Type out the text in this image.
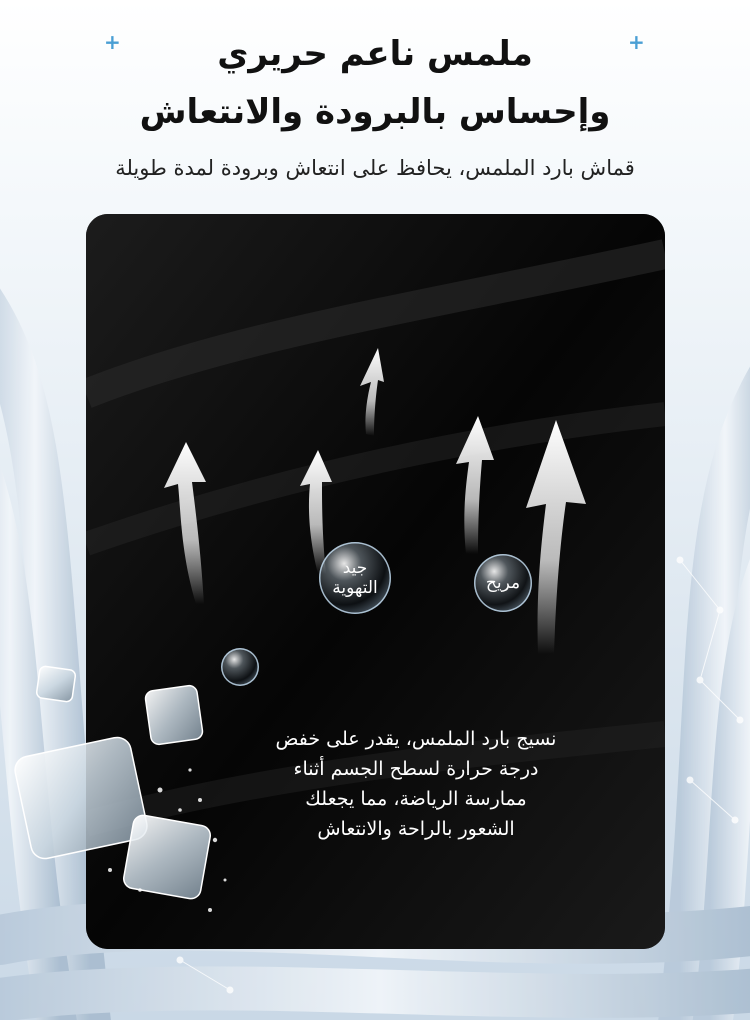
+	+
ملمس ناعم حريري
وإحساس بالبرودة والانتعاش
قماش بارد الملمس، يحافظ على انتعاش وبرودة لمدة طويلة
جيد التهوية	مريح
نسيج بارد الملمس، يقدر على خفض
درجة حرارة لسطح الجسم أثناء
ممارسة الرياضة، مما يجعلك
الشعور بالراحة والانتعاش
